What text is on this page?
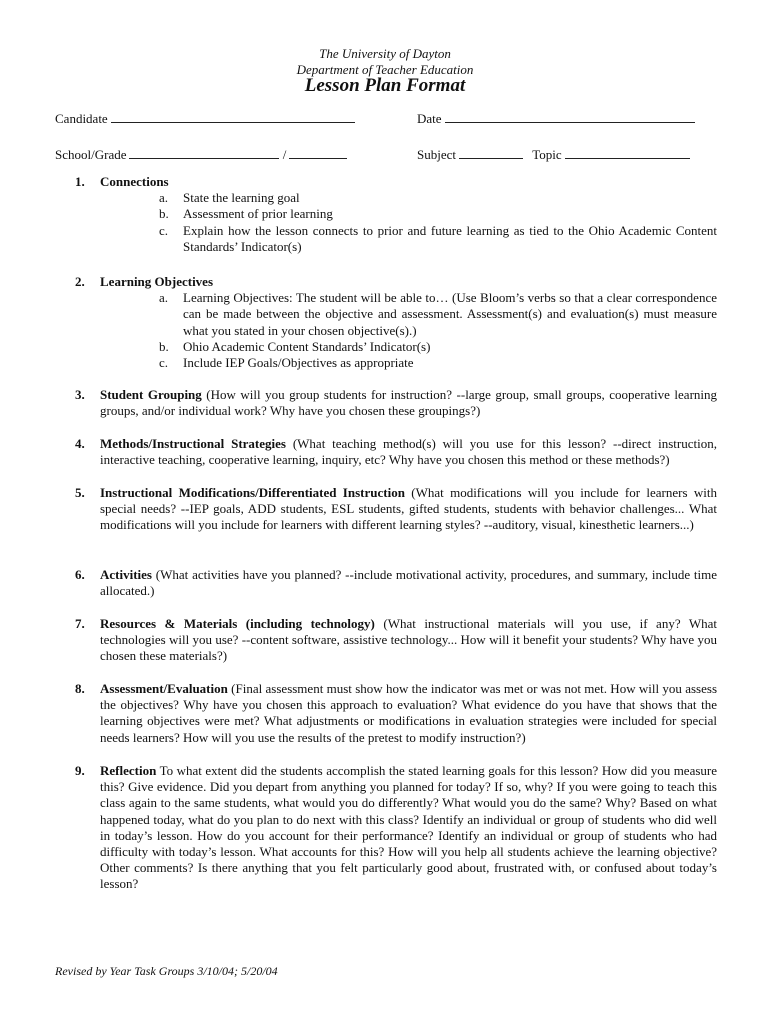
The University of Dayton
Department of Teacher Education
Lesson Plan Format
Candidate	Date
School/Grade	/	Subject	Topic
1. Connections
a. State the learning goal
b. Assessment of prior learning
c. Explain how the lesson connects to prior and future learning as tied to the Ohio Academic Content Standards’ Indicator(s)
2. Learning Objectives
a. Learning Objectives: The student will be able to… (Use Bloom’s verbs so that a clear correspondence can be made between the objective and assessment. Assessment(s) and evaluation(s) must measure what you stated in your chosen objective(s).)
b. Ohio Academic Content Standards’ Indicator(s)
c. Include IEP Goals/Objectives as appropriate
3. Student Grouping (How will you group students for instruction? --large group, small groups, cooperative learning groups, and/or individual work? Why have you chosen these groupings?)
4. Methods/Instructional Strategies (What teaching method(s) will you use for this lesson? --direct instruction, interactive teaching, cooperative learning, inquiry, etc? Why have you chosen this method or these methods?)
5. Instructional Modifications/Differentiated Instruction (What modifications will you include for learners with special needs? --IEP goals, ADD students, ESL students, gifted students, students with behavior challenges... What modifications will you include for learners with different learning styles? --auditory, visual, kinesthetic learners...)
6. Activities (What activities have you planned? --include motivational activity, procedures, and summary, include time allocated.)
7. Resources & Materials (including technology) (What instructional materials will you use, if any? What technologies will you use? --content software, assistive technology... How will it benefit your students? Why have you chosen these materials?)
8. Assessment/Evaluation (Final assessment must show how the indicator was met or was not met. How will you assess the objectives? Why have you chosen this approach to evaluation? What evidence do you have that shows that the learning objectives were met? What adjustments or modifications in evaluation strategies were included for special needs learners? How will you use the results of the pretest to modify instruction?)
9. Reflection To what extent did the students accomplish the stated learning goals for this lesson? How did you measure this? Give evidence. Did you depart from anything you planned for today? If so, why? If you were going to teach this class again to the same students, what would you do differently? What would you do the same? Why? Based on what happened today, what do you plan to do next with this class? Identify an individual or group of students who did well in today’s lesson. How do you account for their performance? Identify an individual or group of students who had difficulty with today’s lesson. What accounts for this? How will you help all students achieve the learning objective? Other comments? Is there anything that you felt particularly good about, frustrated with, or confused about today’s lesson?
Revised by Year Task Groups 3/10/04; 5/20/04
